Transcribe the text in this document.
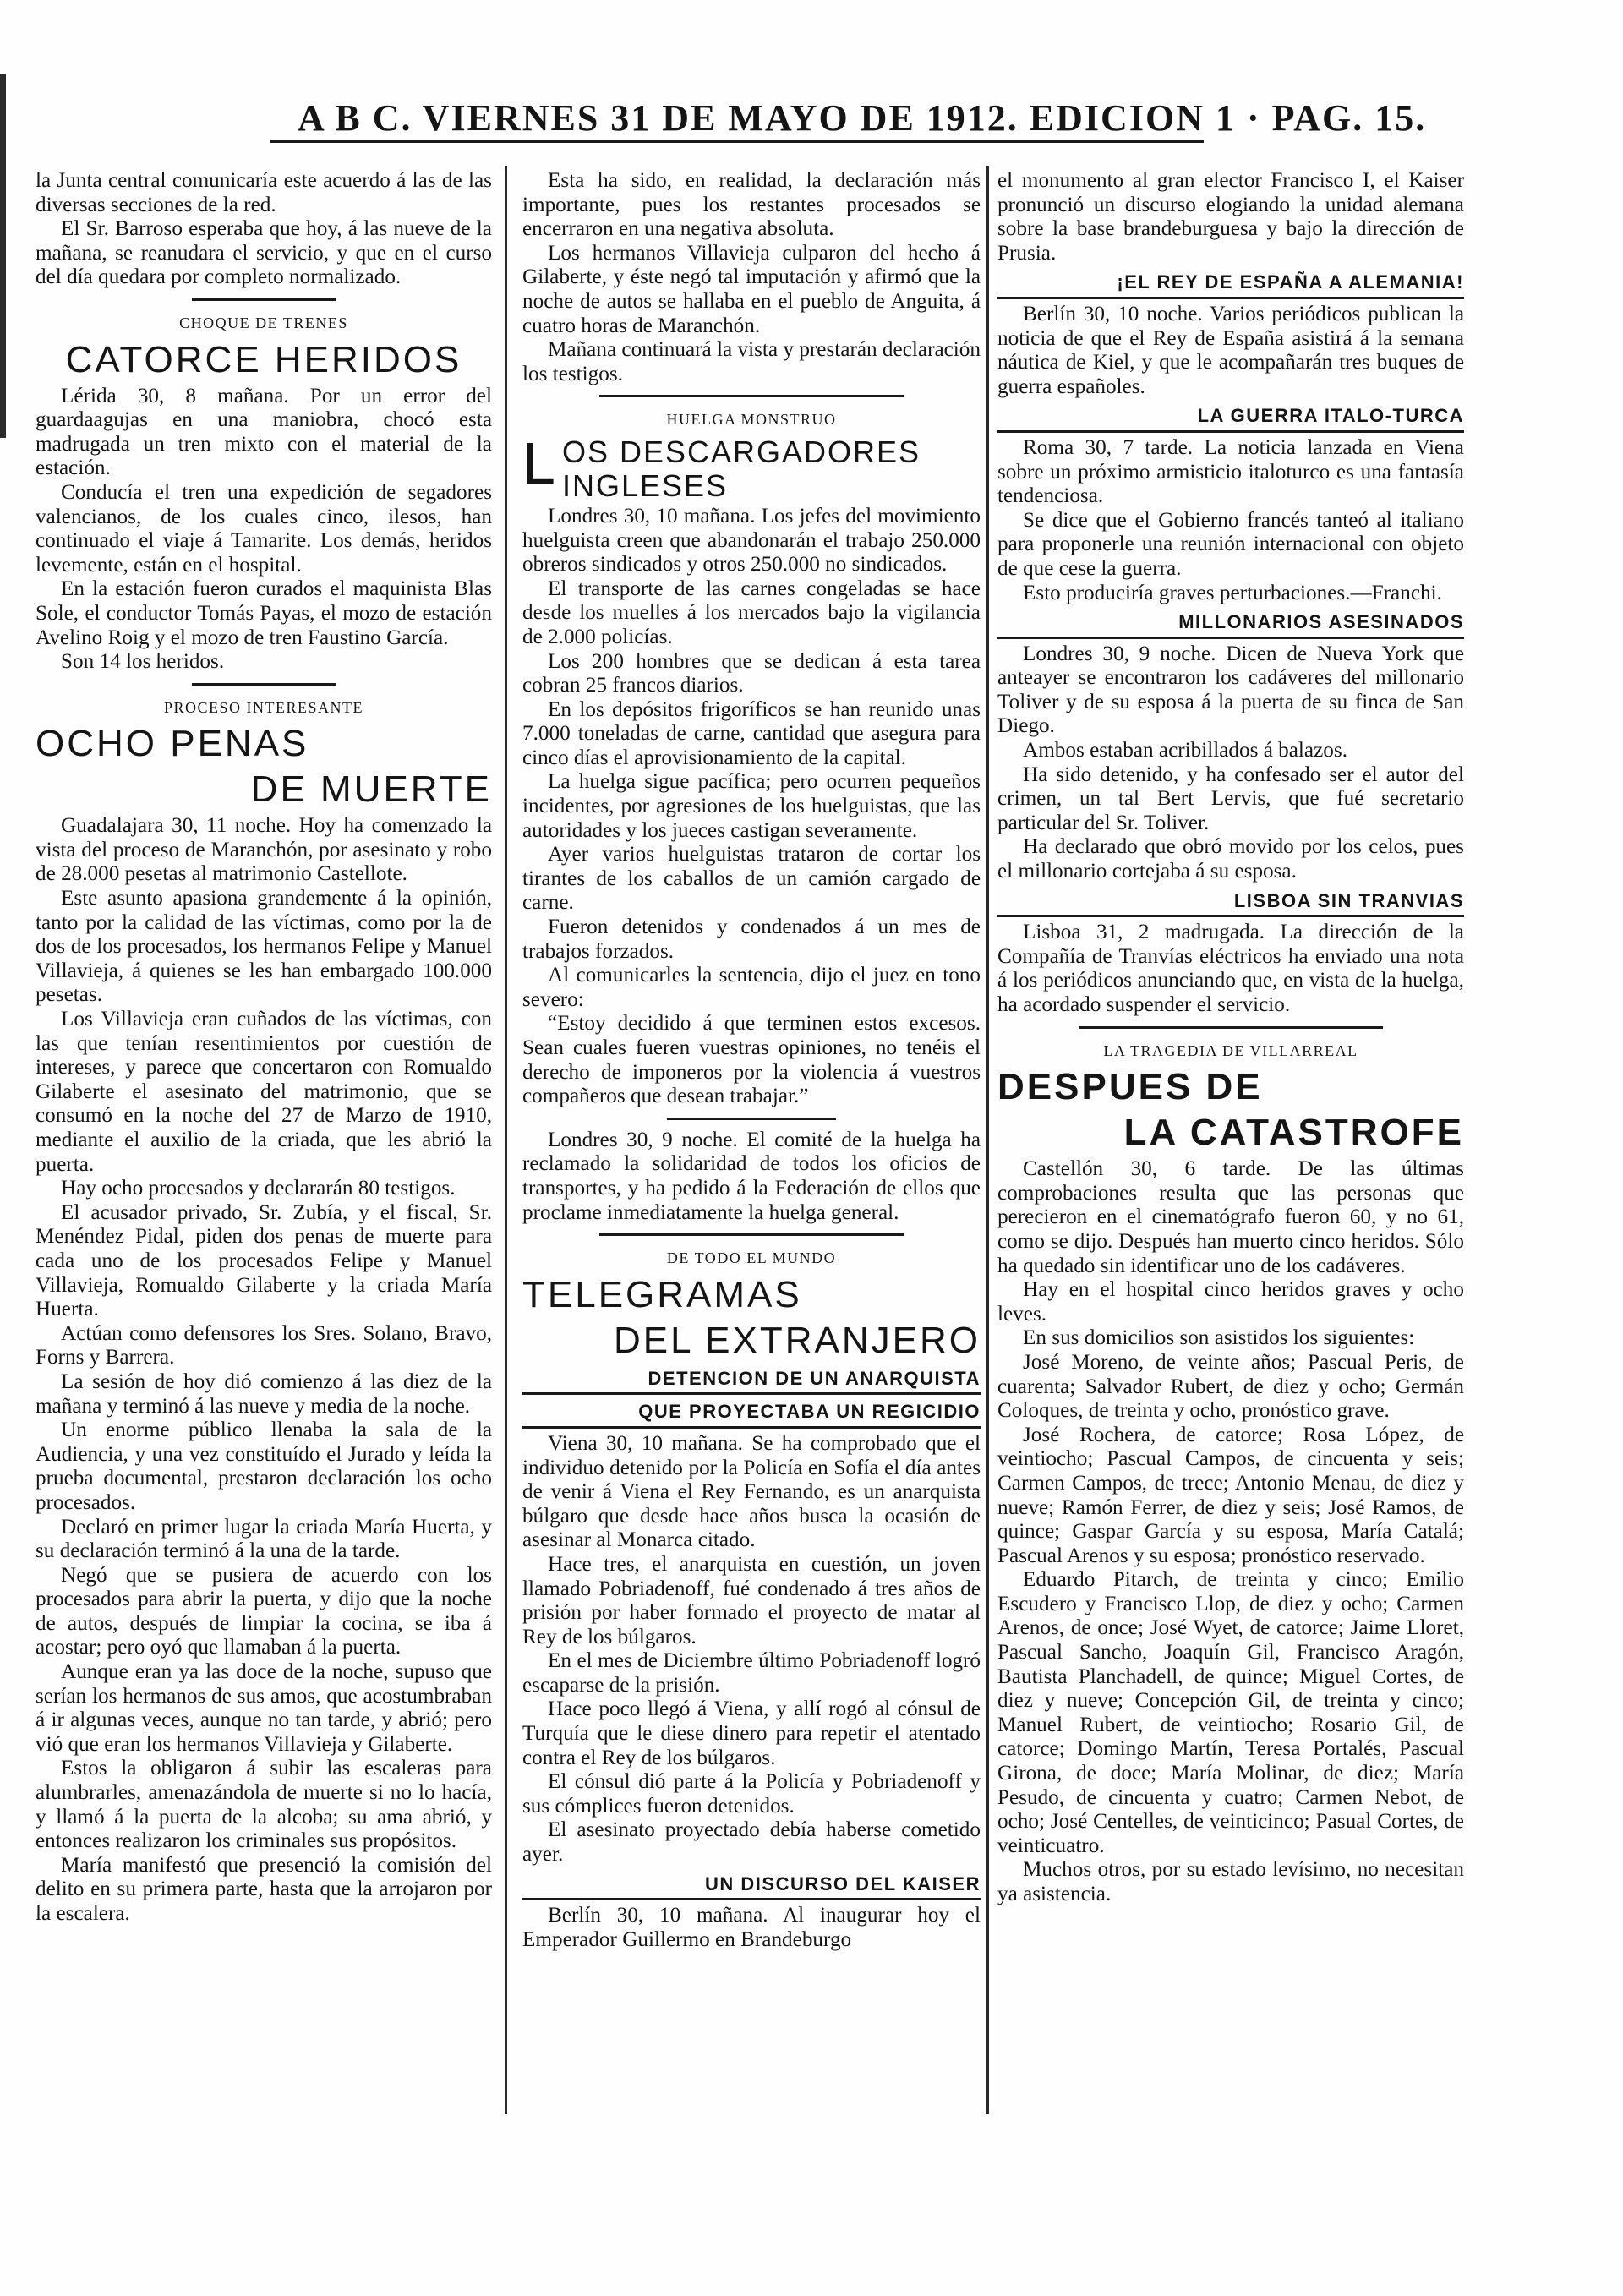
A B C. VIERNES 31 DE MAYO DE 1912. EDICION 1 · PAG. 15.

la Junta central comunicaría este acuerdo á las de las diversas secciones de la red.

El Sr. Barroso esperaba que hoy, á las nueve de la mañana, se reanudara el servicio, y que en el curso del día quedara por completo normalizado.

CHOQUE DE TRENES
CATORCE HERIDOS

Lérida 30, 8 mañana. Por un error del guardaagujas en una maniobra, chocó esta madrugada un tren mixto con el material de la estación.

Conducía el tren una expedición de segadores valencianos, de los cuales cinco, ilesos, han continuado el viaje á Tamarite. Los demás, heridos levemente, están en el hospital.

En la estación fueron curados el maquinista Blas Sole, el conductor Tomás Payas, el mozo de estación Avelino Roig y el mozo de tren Faustino García.

Son 14 los heridos.

PROCESO INTERESANTE
OCHO PENAS
DE MUERTE

Guadalajara 30, 11 noche. Hoy ha comenzado la vista del proceso de Maranchón, por asesinato y robo de 28.000 pesetas al matrimonio Castellote.

Este asunto apasiona grandemente á la opinión, tanto por la calidad de las víctimas, como por la de dos de los procesados, los hermanos Felipe y Manuel Villavieja, á quienes se les han embargado 100.000 pesetas.

Los Villavieja eran cuñados de las víctimas, con las que tenían resentimientos por cuestión de intereses, y parece que concertaron con Romualdo Gilaberte el asesinato del matrimonio, que se consumó en la noche del 27 de Marzo de 1910, mediante el auxilio de la criada, que les abrió la puerta.

Hay ocho procesados y declararán 80 testigos.

El acusador privado, Sr. Zubía, y el fiscal, Sr. Menéndez Pidal, piden dos penas de muerte para cada uno de los procesados Felipe y Manuel Villavieja, Romualdo Gilaberte y la criada María Huerta.

Actúan como defensores los Sres. Solano, Bravo, Forns y Barrera.

La sesión de hoy dió comienzo á las diez de la mañana y terminó á las nueve y media de la noche.

Un enorme público llenaba la sala de la Audiencia, y una vez constituído el Jurado y leída la prueba documental, prestaron declaración los ocho procesados.

Declaró en primer lugar la criada María Huerta, y su declaración terminó á la una de la tarde.

Negó que se pusiera de acuerdo con los procesados para abrir la puerta, y dijo que la noche de autos, después de limpiar la cocina, se iba á acostar; pero oyó que llamaban á la puerta.

Aunque eran ya las doce de la noche, supuso que serían los hermanos de sus amos, que acostumbraban á ir algunas veces, aunque no tan tarde, y abrió; pero vió que eran los hermanos Villavieja y Gilaberte.

Estos la obligaron á subir las escaleras para alumbrarles, amenazándola de muerte si no lo hacía, y llamó á la puerta de la alcoba; su ama abrió, y entonces realizaron los criminales sus propósitos.

María manifestó que presenció la comisión del delito en su primera parte, hasta que la arrojaron por la escalera.

Esta ha sido, en realidad, la declaración más importante, pues los restantes procesados se encerraron en una negativa absoluta.

Los hermanos Villavieja culparon del hecho á Gilaberte, y éste negó tal imputación y afirmó que la noche de autos se hallaba en el pueblo de Anguita, á cuatro horas de Maranchón.

Mañana continuará la vista y prestarán declaración los testigos.

HUELGA MONSTRUO
L OS DESCARGADORES
INGLESES

Londres 30, 10 mañana. Los jefes del movimiento huelguista creen que abandonarán el trabajo 250.000 obreros sindicados y otros 250.000 no sindicados.

El transporte de las carnes congeladas se hace desde los muelles á los mercados bajo la vigilancia de 2.000 policías.

Los 200 hombres que se dedican á esta tarea cobran 25 francos diarios.

En los depósitos frigoríficos se han reunido unas 7.000 toneladas de carne, cantidad que asegura para cinco días el aprovisionamiento de la capital.

La huelga sigue pacífica; pero ocurren pequeños incidentes, por agresiones de los huelguistas, que las autoridades y los jueces castigan severamente.

Ayer varios huelguistas trataron de cortar los tirantes de los caballos de un camión cargado de carne.

Fueron detenidos y condenados á un mes de trabajos forzados.

Al comunicarles la sentencia, dijo el juez en tono severo:

“Estoy decidido á que terminen estos excesos. Sean cuales fueren vuestras opiniones, no tenéis el derecho de imponeros por la violencia á vuestros compañeros que desean trabajar.”

Londres 30, 9 noche. El comité de la huelga ha reclamado la solidaridad de todos los oficios de transportes, y ha pedido á la Federación de ellos que proclame inmediatamente la huelga general.

DE TODO EL MUNDO
TELEGRAMAS
DEL EXTRANJERO
DETENCION DE UN ANARQUISTA
QUE PROYECTABA UN REGICIDIO

Viena 30, 10 mañana. Se ha comprobado que el individuo detenido por la Policía en Sofía el día antes de venir á Viena el Rey Fernando, es un anarquista búlgaro que desde hace años busca la ocasión de asesinar al Monarca citado.

Hace tres, el anarquista en cuestión, un joven llamado Pobriadenoff, fué condenado á tres años de prisión por haber formado el proyecto de matar al Rey de los búlgaros.

En el mes de Diciembre último Pobriadenoff logró escaparse de la prisión.

Hace poco llegó á Viena, y allí rogó al cónsul de Turquía que le diese dinero para repetir el atentado contra el Rey de los búlgaros.

El cónsul dió parte á la Policía y Pobriadenoff y sus cómplices fueron detenidos.

El asesinato proyectado debía haberse cometido ayer.

UN DISCURSO DEL KAISER

Berlín 30, 10 mañana. Al inaugurar hoy el Emperador Guillermo en Brandeburgo

el monumento al gran elector Francisco I, el Kaiser pronunció un discurso elogiando la unidad alemana sobre la base brandeburguesa y bajo la dirección de Prusia.

¡EL REY DE ESPAÑA A ALEMANIA!

Berlín 30, 10 noche. Varios periódicos publican la noticia de que el Rey de España asistirá á la semana náutica de Kiel, y que le acompañarán tres buques de guerra españoles.

LA GUERRA ITALO-TURCA

Roma 30, 7 tarde. La noticia lanzada en Viena sobre un próximo armisticio italoturco es una fantasía tendenciosa.

Se dice que el Gobierno francés tanteó al italiano para proponerle una reunión internacional con objeto de que cese la guerra.

Esto produciría graves perturbaciones.—Franchi.

MILLONARIOS ASESINADOS

Londres 30, 9 noche. Dicen de Nueva York que anteayer se encontraron los cadáveres del millonario Toliver y de su esposa á la puerta de su finca de San Diego.

Ambos estaban acribillados á balazos.

Ha sido detenido, y ha confesado ser el autor del crimen, un tal Bert Lervis, que fué secretario particular del Sr. Toliver.

Ha declarado que obró movido por los celos, pues el millonario cortejaba á su esposa.

LISBOA SIN TRANVIAS

Lisboa 31, 2 madrugada. La dirección de la Compañía de Tranvías eléctricos ha enviado una nota á los periódicos anunciando que, en vista de la huelga, ha acordado suspender el servicio.

LA TRAGEDIA DE VILLARREAL
DESPUES DE
LA CATASTROFE

Castellón 30, 6 tarde. De las últimas comprobaciones resulta que las personas que perecieron en el cinematógrafo fueron 60, y no 61, como se dijo. Después han muerto cinco heridos. Sólo ha quedado sin identificar uno de los cadáveres.

Hay en el hospital cinco heridos graves y ocho leves.

En sus domicilios son asistidos los siguientes:

José Moreno, de veinte años; Pascual Peris, de cuarenta; Salvador Rubert, de diez y ocho; Germán Coloques, de treinta y ocho, pronóstico grave.

José Rochera, de catorce; Rosa López, de veintiocho; Pascual Campos, de cincuenta y seis; Carmen Campos, de trece; Antonio Menau, de diez y nueve; Ramón Ferrer, de diez y seis; José Ramos, de quince; Gaspar García y su esposa, María Catalá; Pascual Arenos y su esposa; pronóstico reservado.

Eduardo Pitarch, de treinta y cinco; Emilio Escudero y Francisco Llop, de diez y ocho; Carmen Arenos, de once; José Wyet, de catorce; Jaime Lloret, Pascual Sancho, Joaquín Gil, Francisco Aragón, Bautista Planchadell, de quince; Miguel Cortes, de diez y nueve; Concepción Gil, de treinta y cinco; Manuel Rubert, de veintiocho; Rosario Gil, de catorce; Domingo Martín, Teresa Portalés, Pascual Girona, de doce; María Molinar, de diez; María Pesudo, de cincuenta y cuatro; Carmen Nebot, de ocho; José Centelles, de veinticinco; Pasual Cortes, de veinticuatro.

Muchos otros, por su estado levísimo, no necesitan ya asistencia.
